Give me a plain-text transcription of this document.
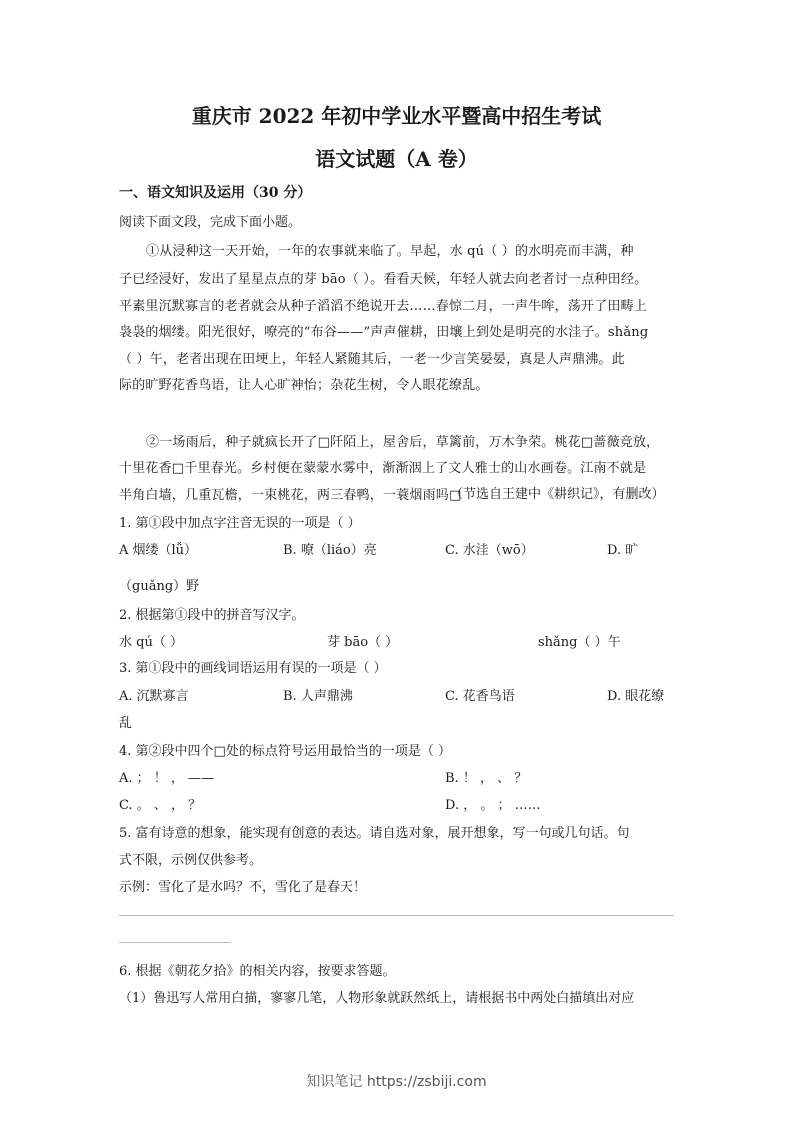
重庆市 2022 年初中学业水平暨高中招生考试
语文试题（A 卷）
一、语文知识及运用（30 分）
阅读下面文段，完成下面小题。
①从浸种这一天开始，一年的农事就来临了。早起，水 qú（ ）的水明亮而丰满，种
子已经浸好，发出了星星点点的芽 bāo（ ）。看看天候，年轻人就去向老者讨一点种田经。
平素里沉默寡言的老者就会从种子滔滔不绝说开去……春惊二月，一声牛哞，荡开了田畴上
袅袅的烟缕。阳光很好，嘹亮的“布谷——”声声催耕，田壤上到处是明亮的水洼子。shǎng
（ ）午，老者出现在田埂上，年轻人紧随其后，一老一少言笑晏晏，真是人声鼎沸。此
际的旷野花香鸟语，让人心旷神怡；杂花生树，令人眼花缭乱。
②一场雨后，种子就疯长开了□阡陌上，屋舍后，草篱前，万木争荣。桃花□蔷薇竞放，
十里花香□千里春光。乡村便在蒙蒙水雾中，渐渐洇上了文人雅士的山水画卷。江南不就是
半角白墙，几重瓦檐，一束桃花，两三春鸭，一蓑烟雨吗□
（节选自王建中《耕织记》，有删改）
1. 第①段中加点字注音无误的一项是（ ）
A 烟缕（lǚ）	B. 嘹（liáo）亮	C. 水洼（wō）	D. 旷
（guǎng）野
2. 根据第①段中的拼音写汉字。
水 qú（ ）	芽 bāo（ ）	shǎng（ ）午
3. 第①段中的画线词语运用有误的一项是（ ）
A. 沉默寡言	B. 人声鼎沸	C. 花香鸟语	D. 眼花缭
乱
4. 第②段中四个□处的标点符号运用最恰当的一项是（ ）
A. ； ！ ， ——	B. ！ ， 、 ？
C. 。 、 ， ？	D. ， 。 ； ……
5. 富有诗意的想象，能实现有创意的表达。请自选对象，展开想象，写一句或几句话。句
式不限，示例仅供参考。
示例：雪化了是水吗？不，雪化了是春天！
6. 根据《朝花夕拾》的相关内容，按要求答题。
（1）鲁迅写人常用白描，寥寥几笔，人物形象就跃然纸上，请根据书中两处白描填出对应
知识笔记 https://zsbiji.com
